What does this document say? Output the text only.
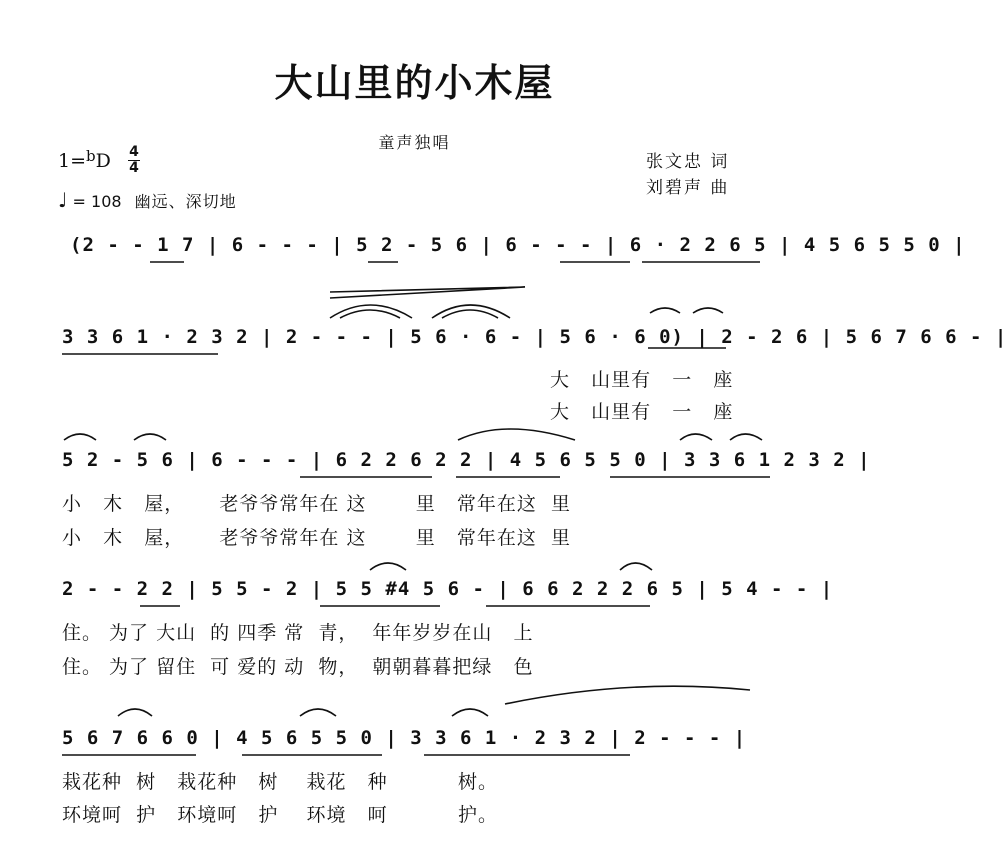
大山里的小木屋
童声独唱
张文忠 词
刘碧声 曲
1=$^b$D 4
4
♩ = 108 幽远、深切地
(2 - - 1 7 | 6 - - - | 5 2 - 5 6 | 6 - - - | 6 · 2 2 6 5 | 4 5 6 5 5 0 |
3 3 6 1 · 2 3 2 | 2 - - - | 5 6 · 6 - | 5 6 · 6 0) | 2 - 2 6 | 5 6 7 6 6 - |
大   山里有   一   座
大   山里有   一   座
5 2 - 5 6 | 6 - - - | 6 2 2 6 2 2 | 4 5 6 5 5 0 | 3 3 6 1 2 3 2 |
小   木   屋，     老爷爷常年在 这       里   常年在这  里
小   木   屋，     老爷爷常年在 这       里   常年在这  里
2 - - 2 2 | 5 5 - 2 | 5 5 #4 5 6 - | 6 6 2 2 2 6 5 | 5 4 - - |
住。 为了 大山  的 四季 常  青，  年年岁岁在山   上
住。 为了 留住  可 爱的 动  物，  朝朝暮暮把绿   色
5 6 7 6 6 0 | 4 5 6 5 5 0 | 3 3 6 1 · 2 3 2 | 2 - - - |
栽花种  树   栽花种   树    栽花   种          树。
环境呵  护   环境呵   护    环境   呵          护。
